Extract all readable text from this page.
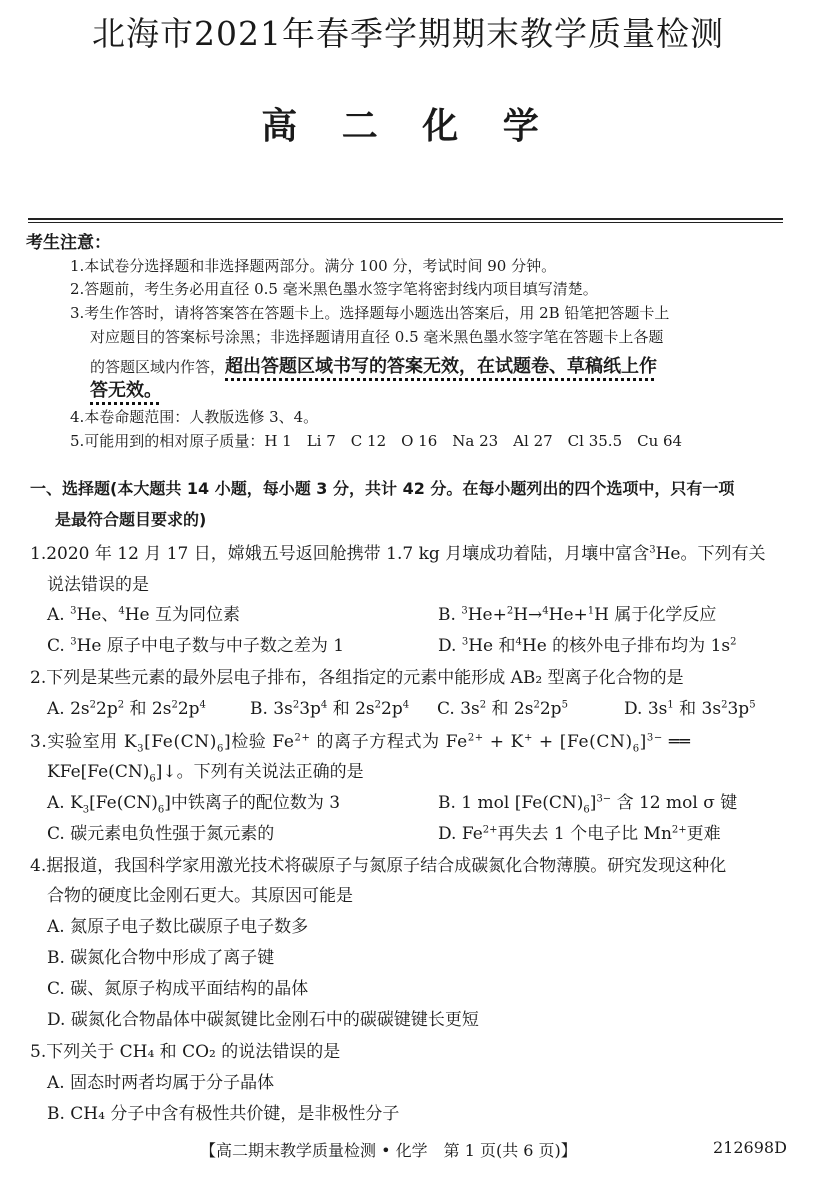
北海市2021年春季学期期末教学质量检测
高 二 化 学
考生注意：
1.本试卷分选择题和非选择题两部分。满分 100 分，考试时间 90 分钟。
2.答题前，考生务必用直径 0.5 毫米黑色墨水签字笔将密封线内项目填写清楚。
3.考生作答时，请将答案答在答题卡上。选择题每小题选出答案后，用 2B 铅笔把答题卡上
对应题目的答案标号涂黑；非选择题请用直径 0.5 毫米黑色墨水签字笔在答题卡上各题
的答题区域内作答，超出答题区域书写的答案无效，在试题卷、草稿纸上作
答无效。
4.本卷命题范围：人教版选修 3、4。
5.可能用到的相对原子质量：H 1　Li 7　C 12　O 16　Na 23　Al 27　Cl 35.5　Cu 64
一、选择题(本大题共 14 小题，每小题 3 分，共计 42 分。在每小题列出的四个选项中，只有一项
是最符合题目要求的)
1.2020 年 12 月 17 日，嫦娥五号返回舱携带 1.7 kg 月壤成功着陆，月壤中富含$^3$He。下列有关
说法错误的是
A. $^3$He、$^4$He 互为同位素	B. $^3$He+$^2$H→$^4$He+$^1$H 属于化学反应
C. $^3$He 原子中电子数与中子数之差为 1	D. $^3$He 和$^4$He 的核外电子排布均为 $1s^2$
2.下列是某些元素的最外层电子排布，各组指定的元素中能形成 AB₂ 型离子化合物的是
A. $2s^22p^2$ 和 $2s^22p^4$	B. $3s^23p^4$ 和 $2s^22p^4$ C. $3s^2$ 和 $2s^22p^5$	D. $3s^1$ 和 $3s^23p^5$
3.实验室用 $K_3[Fe(CN)_6]$检验 $Fe^{2+}$ 的离子方程式为 $Fe^{2+} + K^+ + [Fe(CN)_6]^{3-}$ ══
$KFe[Fe(CN)_6]↓$。下列有关说法正确的是
A. $K_3[Fe(CN)_6]$中铁离子的配位数为 3	B. 1 mol $[Fe(CN)_6]^{3-}$ 含 12 mol σ 键
C. 碳元素电负性强于氮元素的	D. $Fe^{2+}$再失去 1 个电子比 $Mn^{2+}$更难
4.据报道，我国科学家用激光技术将碳原子与氮原子结合成碳氮化合物薄膜。研究发现这种化
合物的硬度比金刚石更大。其原因可能是
A. 氮原子电子数比碳原子电子数多
B. 碳氮化合物中形成了离子键
C. 碳、氮原子构成平面结构的晶体
D. 碳氮化合物晶体中碳氮键比金刚石中的碳碳键键长更短
5.下列关于 CH₄ 和 CO₂ 的说法错误的是
A. 固态时两者均属于分子晶体
B. CH₄ 分子中含有极性共价键，是非极性分子
【高二期末教学质量检测 • 化学　第 1 页(共 6 页)】	212698D
